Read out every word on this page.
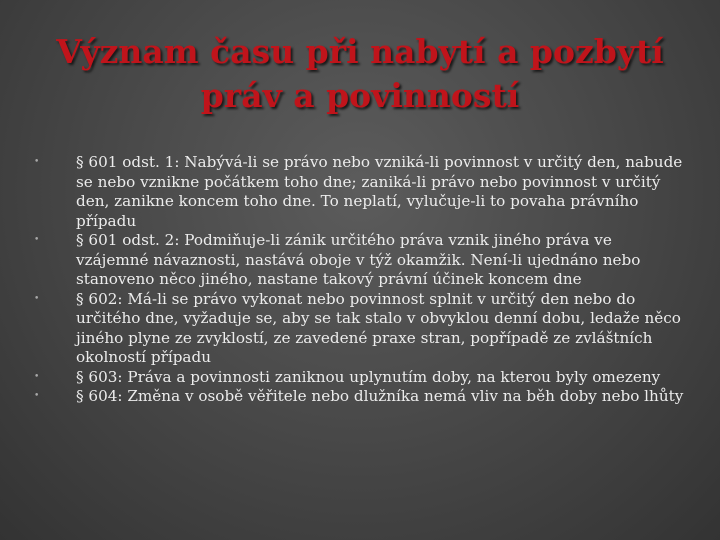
Význam času při nabytí a pozbytí práv a povinností
• § 601 odst. 1: Nabývá-li se právo nebo vzniká-li povinnost v určitý den, nabude se nebo vznikne počátkem toho dne; zaniká-li právo nebo povinnost v určitý den, zanikne koncem toho dne. To neplatí, vylučuje-li to povaha právního případu
• § 601 odst. 2: Podmiňuje-li zánik určitého práva vznik jiného práva ve vzájemné návaznosti, nastává oboje v týž okamžik. Není-li ujednáno nebo stanoveno něco jiného, nastane takový právní účinek koncem dne
• § 602: Má-li se právo vykonat nebo povinnost splnit v určitý den nebo do určitého dne, vyžaduje se, aby se tak stalo v obvyklou denní dobu, ledaže něco jiného plyne ze zvyklostí, ze zavedené praxe stran, popřípadě ze zvláštních okolností případu
• § 603: Práva a povinnosti zaniknou uplynutím doby, na kterou byly omezeny
• § 604: Změna v osobě věřitele nebo dlužníka nemá vliv na běh doby nebo lhůty
